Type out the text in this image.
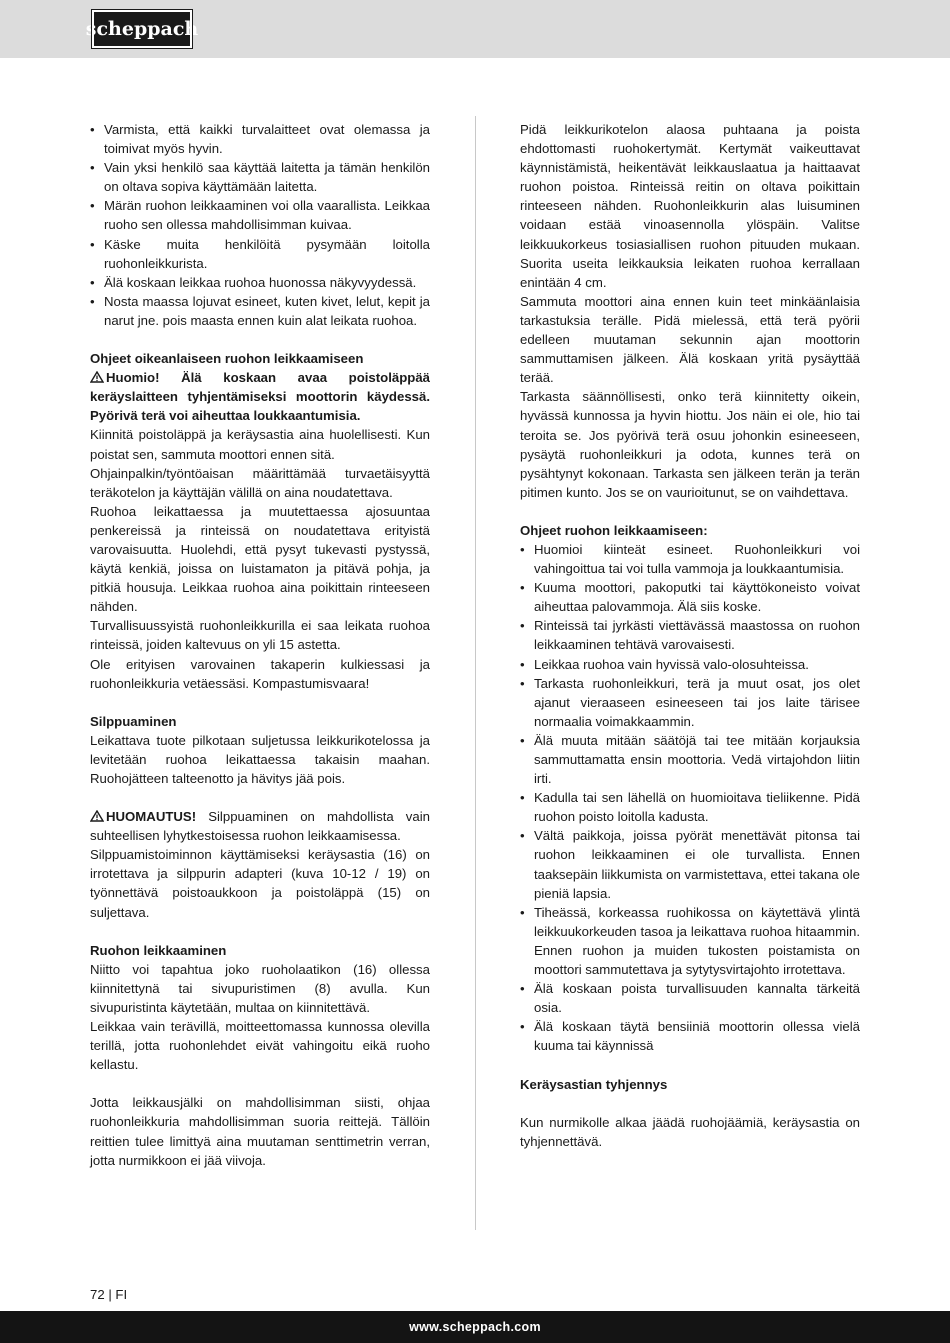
scheppach
• Varmista, että kaikki turvalaitteet ovat olemassa ja toimivat myös hyvin.
• Vain yksi henkilö saa käyttää laitetta ja tämän henkilön on oltava sopiva käyttämään laitetta.
• Märän ruohon leikkaaminen voi olla vaarallista. Leikkaa ruoho sen ollessa mahdollisimman kuivaa.
• Käske muita henkilöitä pysymään loitolla ruohonleikkurista.
• Älä koskaan leikkaa ruohoa huonossa näkyvyydessä.
• Nosta maassa lojuvat esineet, kuten kivet, lelut, kepit ja narut jne. pois maasta ennen kuin alat leikata ruohoa.

Ohjeet oikeanlaiseen ruohon leikkaamiseen

Huomio! Älä koskaan avaa poistoläppää keräyslaitteen tyhjentämiseksi moottorin käydessä. Pyörivä terä voi aiheuttaa loukkaantumisia.

Kiinnitä poistoläppä ja keräysastia aina huolellisesti. Kun poistat sen, sammuta moottori ennen sitä.

Ohjainpalkin/työntöaisan määrittämää turvaetäisyyttä teräkotelon ja käyttäjän välillä on aina noudatettava.

Ruohoa leikattaessa ja muutettaessa ajosuuntaa penkereissä ja rinteissä on noudatettava erityistä varovaisuutta. Huolehdi, että pysyt tukevasti pystyssä, käytä kenkiä, joissa on luistamaton ja pitävä pohja, ja pitkiä housuja. Leikkaa ruohoa aina poikittain rinteeseen nähden.

Turvallisuussyistä ruohonleikkurilla ei saa leikata ruohoa rinteissä, joiden kaltevuus on yli 15 astetta.

Ole erityisen varovainen takaperin kulkiessasi ja ruohonleikkuria vetäessäsi. Kompastumisvaara!

Silppuaminen

Leikattava tuote pilkotaan suljetussa leikkurikotelossa ja levitetään ruohoa leikattaessa takaisin maahan. Ruohojätteen talteenotto ja hävitys jää pois.

HUOMAUTUS! Silppuaminen on mahdollista vain suhteellisen lyhytkestoisessa ruohon leikkaamisessa.

Silppuamistoiminnon käyttämiseksi keräysastia (16) on irrotettava ja silppurin adapteri (kuva 10-12 / 19) on työnnettävä poistoaukkoon ja poistoläppä (15) on suljettava.

Ruohon leikkaaminen

Niitto voi tapahtua joko ruoholaatikon (16) ollessa kiinnitettynä tai sivupuristimen (8) avulla. Kun sivupuristinta käytetään, multaa on kiinnitettävä.

Leikkaa vain terävillä, moitteettomassa kunnossa olevilla terillä, jotta ruohonlehdet eivät vahingoitu eikä ruoho kellastu.

Jotta leikkausjälki on mahdollisimman siisti, ohjaa ruohonleikkuria mahdollisimman suoria reittejä. Tällöin reittien tulee limittyä aina muutaman senttimetrin verran, jotta nurmikkoon ei jää viivoja.

Pidä leikkurikotelon alaosa puhtaana ja poista ehdottomasti ruohokertymät. Kertymät vaikeuttavat käynnistämistä, heikentävät leikkauslaatua ja haittaavat ruohon poistoa. Rinteissä reitin on oltava poikittain rinteeseen nähden. Ruohonleikkurin alas luisuminen voidaan estää vinoasennolla ylöspäin. Valitse leikkuukorkeus tosiasiallisen ruohon pituuden mukaan. Suorita useita leikkauksia leikaten ruohoa kerrallaan enintään 4 cm.

Sammuta moottori aina ennen kuin teet minkäänlaisia tarkastuksia terälle. Pidä mielessä, että terä pyörii edelleen muutaman sekunnin ajan moottorin sammuttamisen jälkeen. Älä koskaan yritä pysäyttää terää.

Tarkasta säännöllisesti, onko terä kiinnitetty oikein, hyvässä kunnossa ja hyvin hiottu. Jos näin ei ole, hio tai teroita se. Jos pyörivä terä osuu johonkin esineeseen, pysäytä ruohonleikkuri ja odota, kunnes terä on pysähtynyt kokonaan. Tarkasta sen jälkeen terän ja terän pitimen kunto. Jos se on vaurioitunut, se on vaihdettava.

Ohjeet ruohon leikkaamiseen:

• Huomioi kiinteät esineet. Ruohonleikkuri voi vahingoittua tai voi tulla vammoja ja loukkaantumisia.
• Kuuma moottori, pakoputki tai käyttökoneisto voivat aiheuttaa palovammoja. Älä siis koske.
• Rinteissä tai jyrkästi viettävässä maastossa on ruohon leikkaaminen tehtävä varovaisesti.
• Leikkaa ruohoa vain hyvissä valo-olosuhteissa.
• Tarkasta ruohonleikkuri, terä ja muut osat, jos olet ajanut vieraaseen esineeseen tai jos laite tärisee normaalia voimakkaammin.
• Älä muuta mitään säätöjä tai tee mitään korjauksia sammuttamatta ensin moottoria. Vedä virtajohdon liitin irti.
• Kadulla tai sen lähellä on huomioitava tieliikenne. Pidä ruohon poisto loitolla kadusta.
• Vältä paikkoja, joissa pyörät menettävät pitonsa tai ruohon leikkaaminen ei ole turvallista. Ennen taaksepäin liikkumista on varmistettava, ettei takana ole pieniä lapsia.
• Tiheässä, korkeassa ruohikossa on käytettävä ylintä leikkuukorkeuden tasoa ja leikattava ruohoa hitaammin. Ennen ruohon ja muiden tukosten poistamista on moottori sammutettava ja sytytysvirtajohto irrotettava.
• Älä koskaan poista turvallisuuden kannalta tärkeitä osia.
• Älä koskaan täytä bensiiniä moottorin ollessa vielä kuuma tai käynnissä

Keräysastian tyhjennys

Kun nurmikolle alkaa jäädä ruohojäämiä, keräysastia on tyhjennettävä.

72 | FI
www.scheppach.com
